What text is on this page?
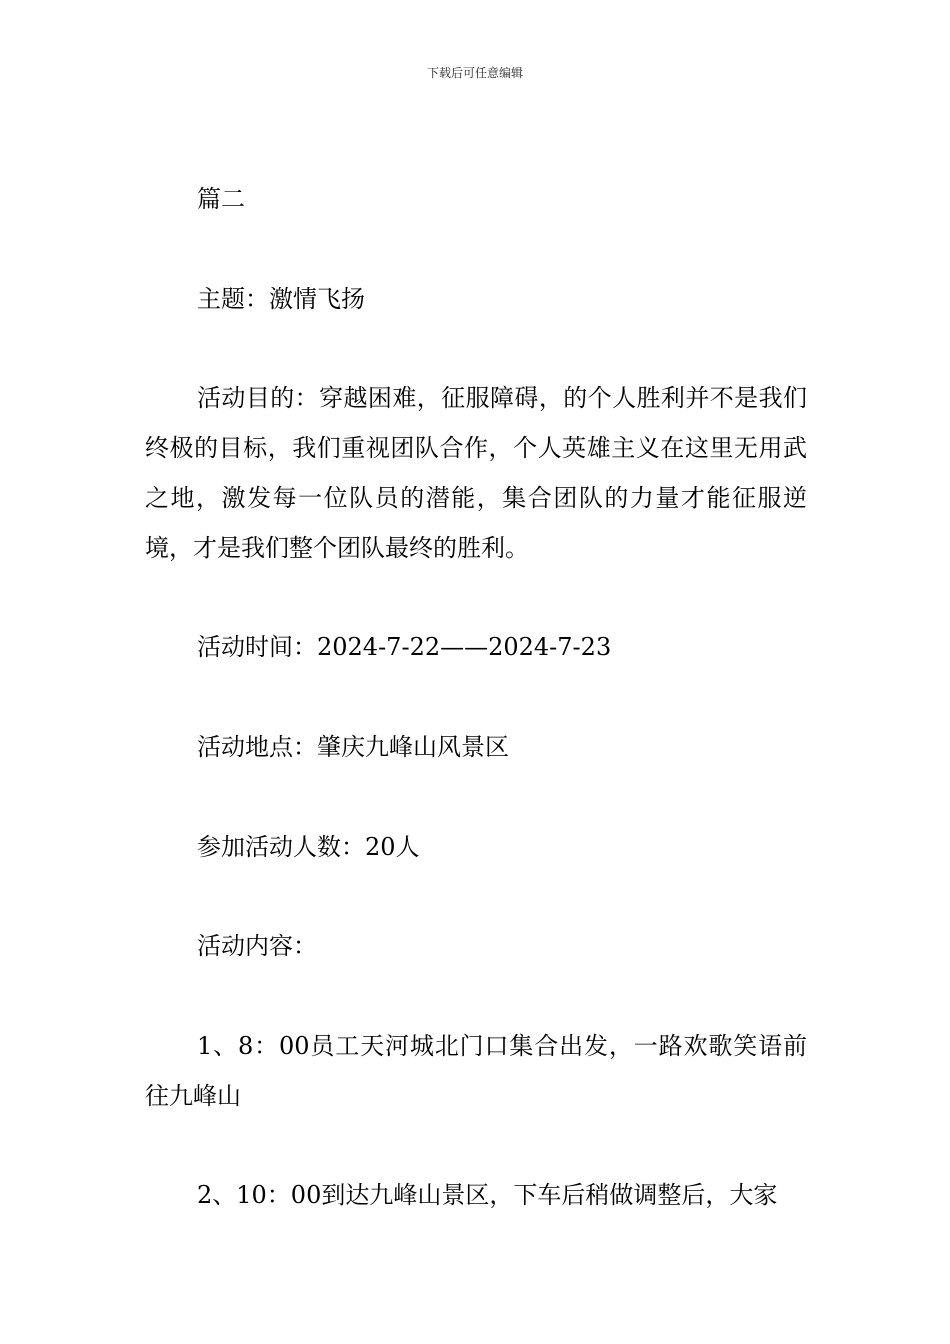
下载后可任意编辑

篇二

主题：激情飞扬

活动目的：穿越困难，征服障碍，的个人胜利并不是我们终极的目标，我们重视团队合作，个人英雄主义在这里无用武之地，激发每一位队员的潜能，集合团队的力量才能征服逆境，才是我们整个团队最终的胜利。

活动时间：2024-7-22——2024-7-23

活动地点：肇庆九峰山风景区

参加活动人数：20人

活动内容：

1、8：00员工天河城北门口集合出发，一路欢歌笑语前往九峰山

2、10：00到达九峰山景区，下车后稍做调整后，大家
